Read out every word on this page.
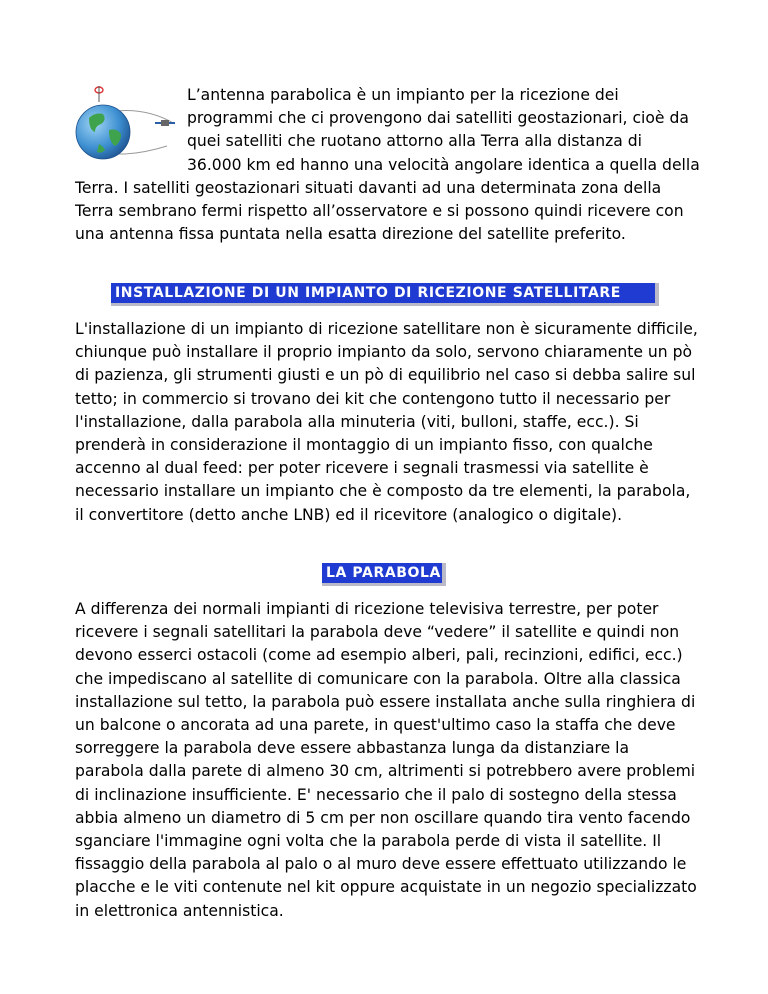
L’antenna parabolica è un impianto per la ricezione dei programmi che ci provengono dai satelliti geostazionari, cioè da quei satelliti che ruotano attorno alla Terra alla distanza di 36.000 km ed hanno una velocità angolare identica a quella della Terra. I satelliti geostazionari situati davanti ad una determinata zona della Terra sembrano fermi rispetto all’osservatore e si possono quindi ricevere con una antenna fissa puntata nella esatta direzione del satellite preferito.
INSTALLAZIONE DI UN IMPIANTO DI RICEZIONE SATELLITARE

L'installazione di un impianto di ricezione satellitare non è sicuramente difficile, chiunque può installare il proprio impianto da solo, servono chiaramente un pò di pazienza, gli strumenti giusti e un pò di equilibrio nel caso si debba salire sul tetto; in commercio si trovano dei kit che contengono tutto il necessario per l'installazione, dalla parabola alla minuteria (viti, bulloni, staffe, ecc.). Si prenderà in considerazione il montaggio di un impianto fisso, con qualche accenno al dual feed: per poter ricevere i segnali trasmessi via satellite è necessario installare un impianto che è composto da tre elementi, la parabola, il convertitore (detto anche LNB) ed il ricevitore (analogico o digitale).

LA PARABOLA

A differenza dei normali impianti di ricezione televisiva terrestre, per poter ricevere i segnali satellitari la parabola deve “vedere” il satellite e quindi non devono esserci ostacoli (come ad esempio alberi, pali, recinzioni, edifici, ecc.) che impediscano al satellite di comunicare con la parabola. Oltre alla classica installazione sul tetto, la parabola può essere installata anche sulla ringhiera di un balcone o ancorata ad una parete, in quest'ultimo caso la staffa che deve sorreggere la parabola deve essere abbastanza lunga da distanziare la parabola dalla parete di almeno 30 cm, altrimenti si potrebbero avere problemi di inclinazione insufficiente. E' necessario che il palo di sostegno della stessa abbia almeno un diametro di 5 cm per non oscillare quando tira vento facendo sganciare l'immagine ogni volta che la parabola perde di vista il satellite. Il fissaggio della parabola al palo o al muro deve essere effettuato utilizzando le placche e le viti contenute nel kit oppure acquistate in un negozio specializzato in elettronica antennistica.
